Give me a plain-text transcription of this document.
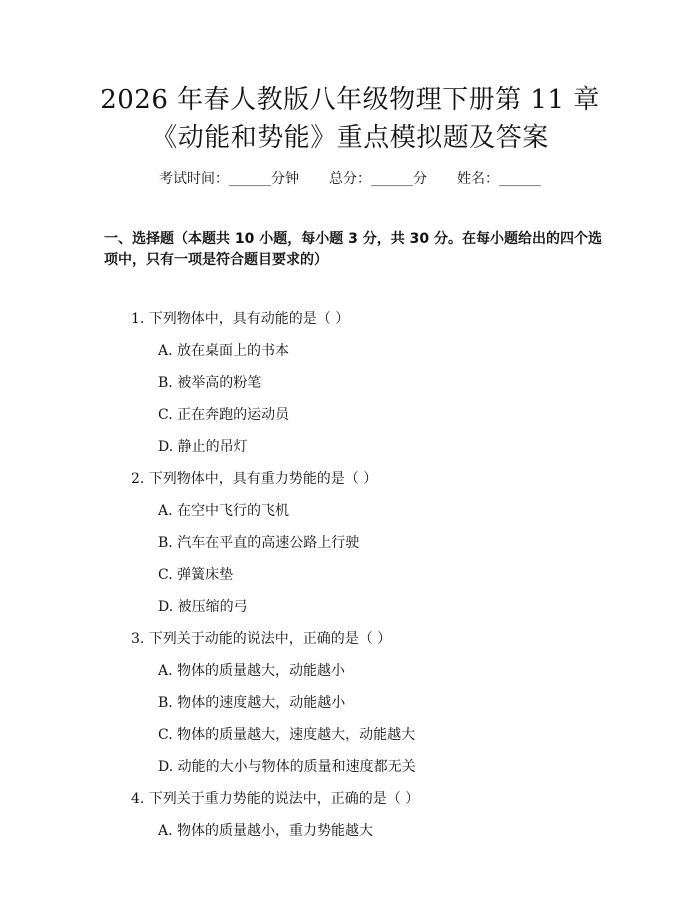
2026 年春人教版八年级物理下册第 11 章
《动能和势能》重点模拟题及答案
考试时间：______分钟 总分：______分 姓名：______
一、选择题（本题共 10 小题，每小题 3 分，共 30 分。在每小题给出的四个选项中，只有一项是符合题目要求的）
1. 下列物体中，具有动能的是（ ）
A. 放在桌面上的书本
B. 被举高的粉笔
C. 正在奔跑的运动员
D. 静止的吊灯
2. 下列物体中，具有重力势能的是（ ）
A. 在空中飞行的飞机
B. 汽车在平直的高速公路上行驶
C. 弹簧床垫
D. 被压缩的弓
3. 下列关于动能的说法中，正确的是（ ）
A. 物体的质量越大，动能越小
B. 物体的速度越大，动能越小
C. 物体的质量越大，速度越大，动能越大
D. 动能的大小与物体的质量和速度都无关
4. 下列关于重力势能的说法中，正确的是（ ）
A. 物体的质量越小，重力势能越大
